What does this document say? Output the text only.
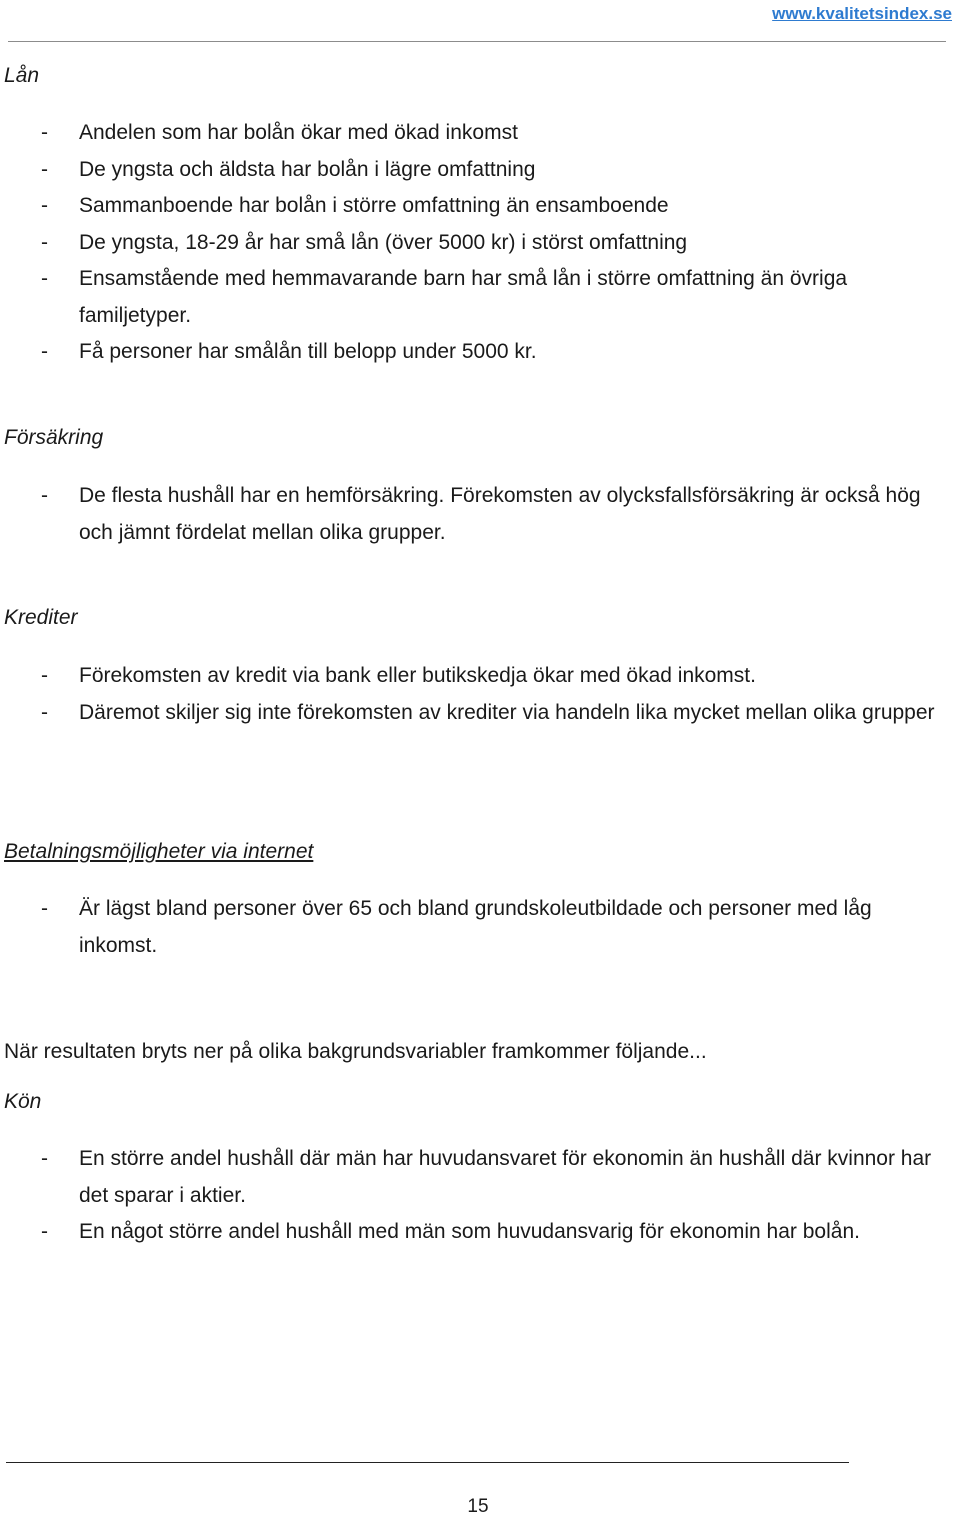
www.kvalitetsindex.se
Lån
- Andelen som har bolån ökar med ökad inkomst
- De yngsta och äldsta har bolån i lägre omfattning
- Sammanboende har bolån i större omfattning än ensamboende
- De yngsta, 18-29 år har små lån (över 5000 kr) i störst omfattning
- Ensamstående med hemmavarande barn har små lån i större omfattning än övriga familjetyper.
- Få personer har smålån till belopp under 5000 kr.
Försäkring
- De flesta hushåll har en hemförsäkring. Förekomsten av olycksfallsförsäkring är också hög och jämnt fördelat mellan olika grupper.
Krediter
- Förekomsten av kredit via bank eller butikskedja ökar med ökad inkomst.
- Däremot skiljer sig inte förekomsten av krediter via handeln lika mycket mellan olika grupper
Betalningsmöjligheter via internet
- Är lägst bland personer över 65 och bland grundskoleutbildade och personer med låg inkomst.

När resultaten bryts ner på olika bakgrundsvariabler framkommer följande...

Kön
- En större andel hushåll där män har huvudansvaret för ekonomin än hushåll där kvinnor har det sparar i aktier.
- En något större andel hushåll med män som huvudansvarig för ekonomin har bolån.
15
